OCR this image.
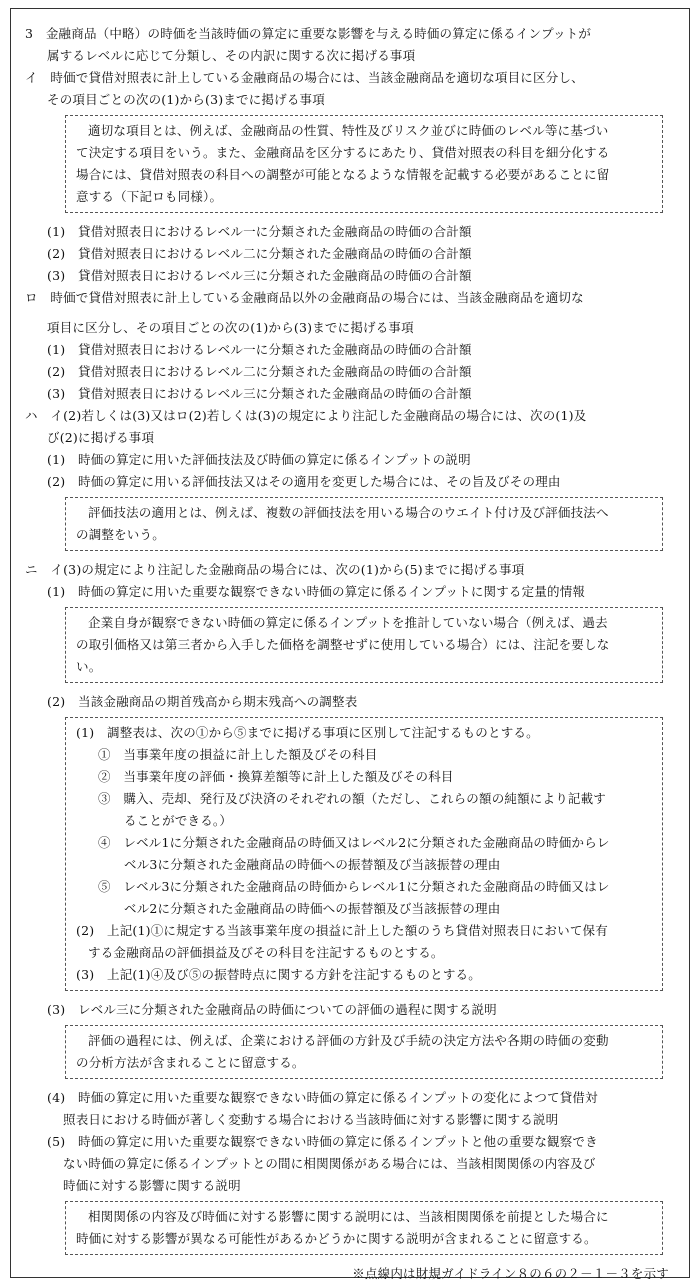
3　金融商品（中略）の時価を当該時価の算定に重要な影響を与える時価の算定に係るインプットが
属するレベルに応じて分類し、その内訳に関する次に掲げる事項
イ　時価で貸借対照表に計上している金融商品の場合には、当該金融商品を適切な項目に区分し、
その項目ごとの次の(1)から(3)までに掲げる事項
適切な項目とは、例えば、金融商品の性質、特性及びリスク並びに時価のレベル等に基づい
て決定する項目をいう。また、金融商品を区分するにあたり、貸借対照表の科目を細分化する
場合には、貸借対照表の科目への調整が可能となるような情報を記載する必要があることに留
意する（下記ロも同様）。
(1)　貸借対照表日におけるレベル一に分類された金融商品の時価の合計額
(2)　貸借対照表日におけるレベル二に分類された金融商品の時価の合計額
(3)　貸借対照表日におけるレベル三に分類された金融商品の時価の合計額
ロ　時価で貸借対照表に計上している金融商品以外の金融商品の場合には、当該金融商品を適切な
項目に区分し、その項目ごとの次の(1)から(3)までに掲げる事項
(1)　貸借対照表日におけるレベル一に分類された金融商品の時価の合計額
(2)　貸借対照表日におけるレベル二に分類された金融商品の時価の合計額
(3)　貸借対照表日におけるレベル三に分類された金融商品の時価の合計額
ハ　イ(2)若しくは(3)又はロ(2)若しくは(3)の規定により注記した金融商品の場合には、次の(1)及
び(2)に掲げる事項
(1)　時価の算定に用いた評価技法及び時価の算定に係るインプットの説明
(2)　時価の算定に用いる評価技法又はその適用を変更した場合には、その旨及びその理由
評価技法の適用とは、例えば、複数の評価技法を用いる場合のウエイト付け及び評価技法へ
の調整をいう。
ニ　イ(3)の規定により注記した金融商品の場合には、次の(1)から(5)までに掲げる事項
(1)　時価の算定に用いた重要な観察できない時価の算定に係るインプットに関する定量的情報
企業自身が観察できない時価の算定に係るインプットを推計していない場合（例えば、過去
の取引価格又は第三者から入手した価格を調整せずに使用している場合）には、注記を要しな
い。
(2)　当該金融商品の期首残高から期末残高への調整表
(1)　調整表は、次の①から⑤までに掲げる事項に区別して注記するものとする。
①　当事業年度の損益に計上した額及びその科目
②　当事業年度の評価・換算差額等に計上した額及びその科目
③　購入、売却、発行及び決済のそれぞれの額（ただし、これらの額の純額により記載す
ることができる。）
④　レベル1に分類された金融商品の時価又はレベル2に分類された金融商品の時価からレ
ベル3に分類された金融商品の時価への振替額及び当該振替の理由
⑤　レベル3に分類された金融商品の時価からレベル1に分類された金融商品の時価又はレ
ベル2に分類された金融商品の時価への振替額及び当該振替の理由
(2)　上記(1)①に規定する当該事業年度の損益に計上した額のうち貸借対照表日において保有
する金融商品の評価損益及びその科目を注記するものとする。
(3)　上記(1)④及び⑤の振替時点に関する方針を注記するものとする。
(3)　レベル三に分類された金融商品の時価についての評価の過程に関する説明
評価の過程には、例えば、企業における評価の方針及び手続の決定方法や各期の時価の変動
の分析方法が含まれることに留意する。
(4)　時価の算定に用いた重要な観察できない時価の算定に係るインプットの変化によつて貸借対
照表日における時価が著しく変動する場合における当該時価に対する影響に関する説明
(5)　時価の算定に用いた重要な観察できない時価の算定に係るインプットと他の重要な観察でき
ない時価の算定に係るインプットとの間に相関関係がある場合には、当該相関関係の内容及び
時価に対する影響に関する説明
相関関係の内容及び時価に対する影響に関する説明には、当該相関関係を前提とした場合に
時価に対する影響が異なる可能性があるかどうかに関する説明が含まれることに留意する。
※点線内は財規ガイドライン８の６の２－１－３を示す
